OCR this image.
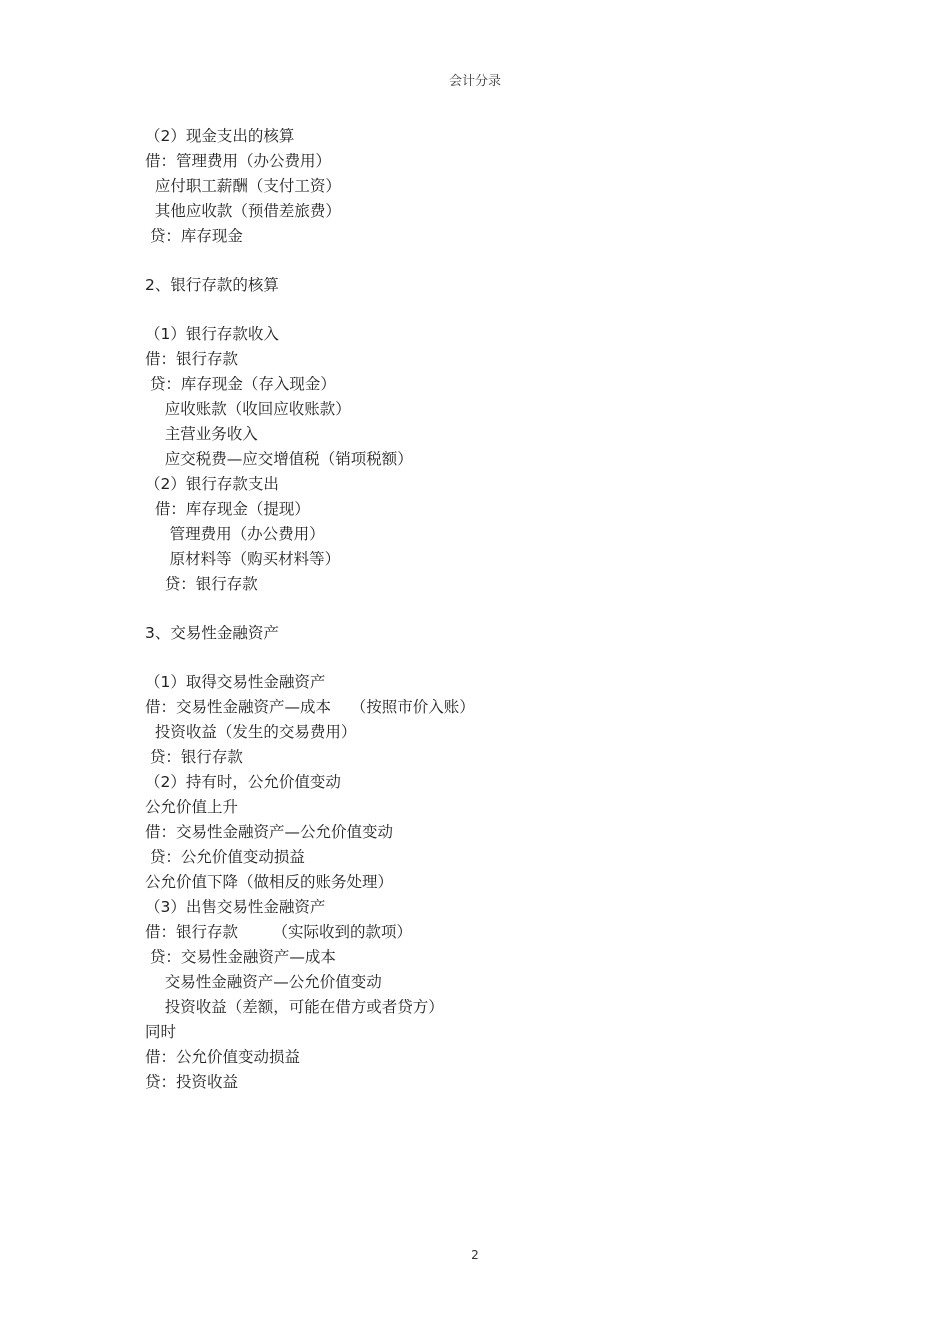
会计分录
（2）现金支出的核算
借：管理费用（办公费用）
应付职工薪酬（支付工资）
其他应收款（预借差旅费）
贷：库存现金
2、银行存款的核算
（1）银行存款收入
借：银行存款
贷：库存现金（存入现金）
应收账款（收回应收账款）
主营业务收入
应交税费—应交增值税（销项税额）
（2）银行存款支出
借：库存现金（提现）
管理费用（办公费用）
原材料等（购买材料等）
贷：银行存款
3、交易性金融资产
（1）取得交易性金融资产
借：交易性金融资产—成本    （按照市价入账）
投资收益（发生的交易费用）
贷：银行存款
（2）持有时，公允价值变动
公允价值上升
借：交易性金融资产—公允价值变动
贷：公允价值变动损益
公允价值下降（做相反的账务处理）
（3）出售交易性金融资产
借：银行存款       （实际收到的款项）
贷：交易性金融资产—成本
交易性金融资产—公允价值变动
投资收益（差额，可能在借方或者贷方）
同时
借：公允价值变动损益
贷：投资收益
2
